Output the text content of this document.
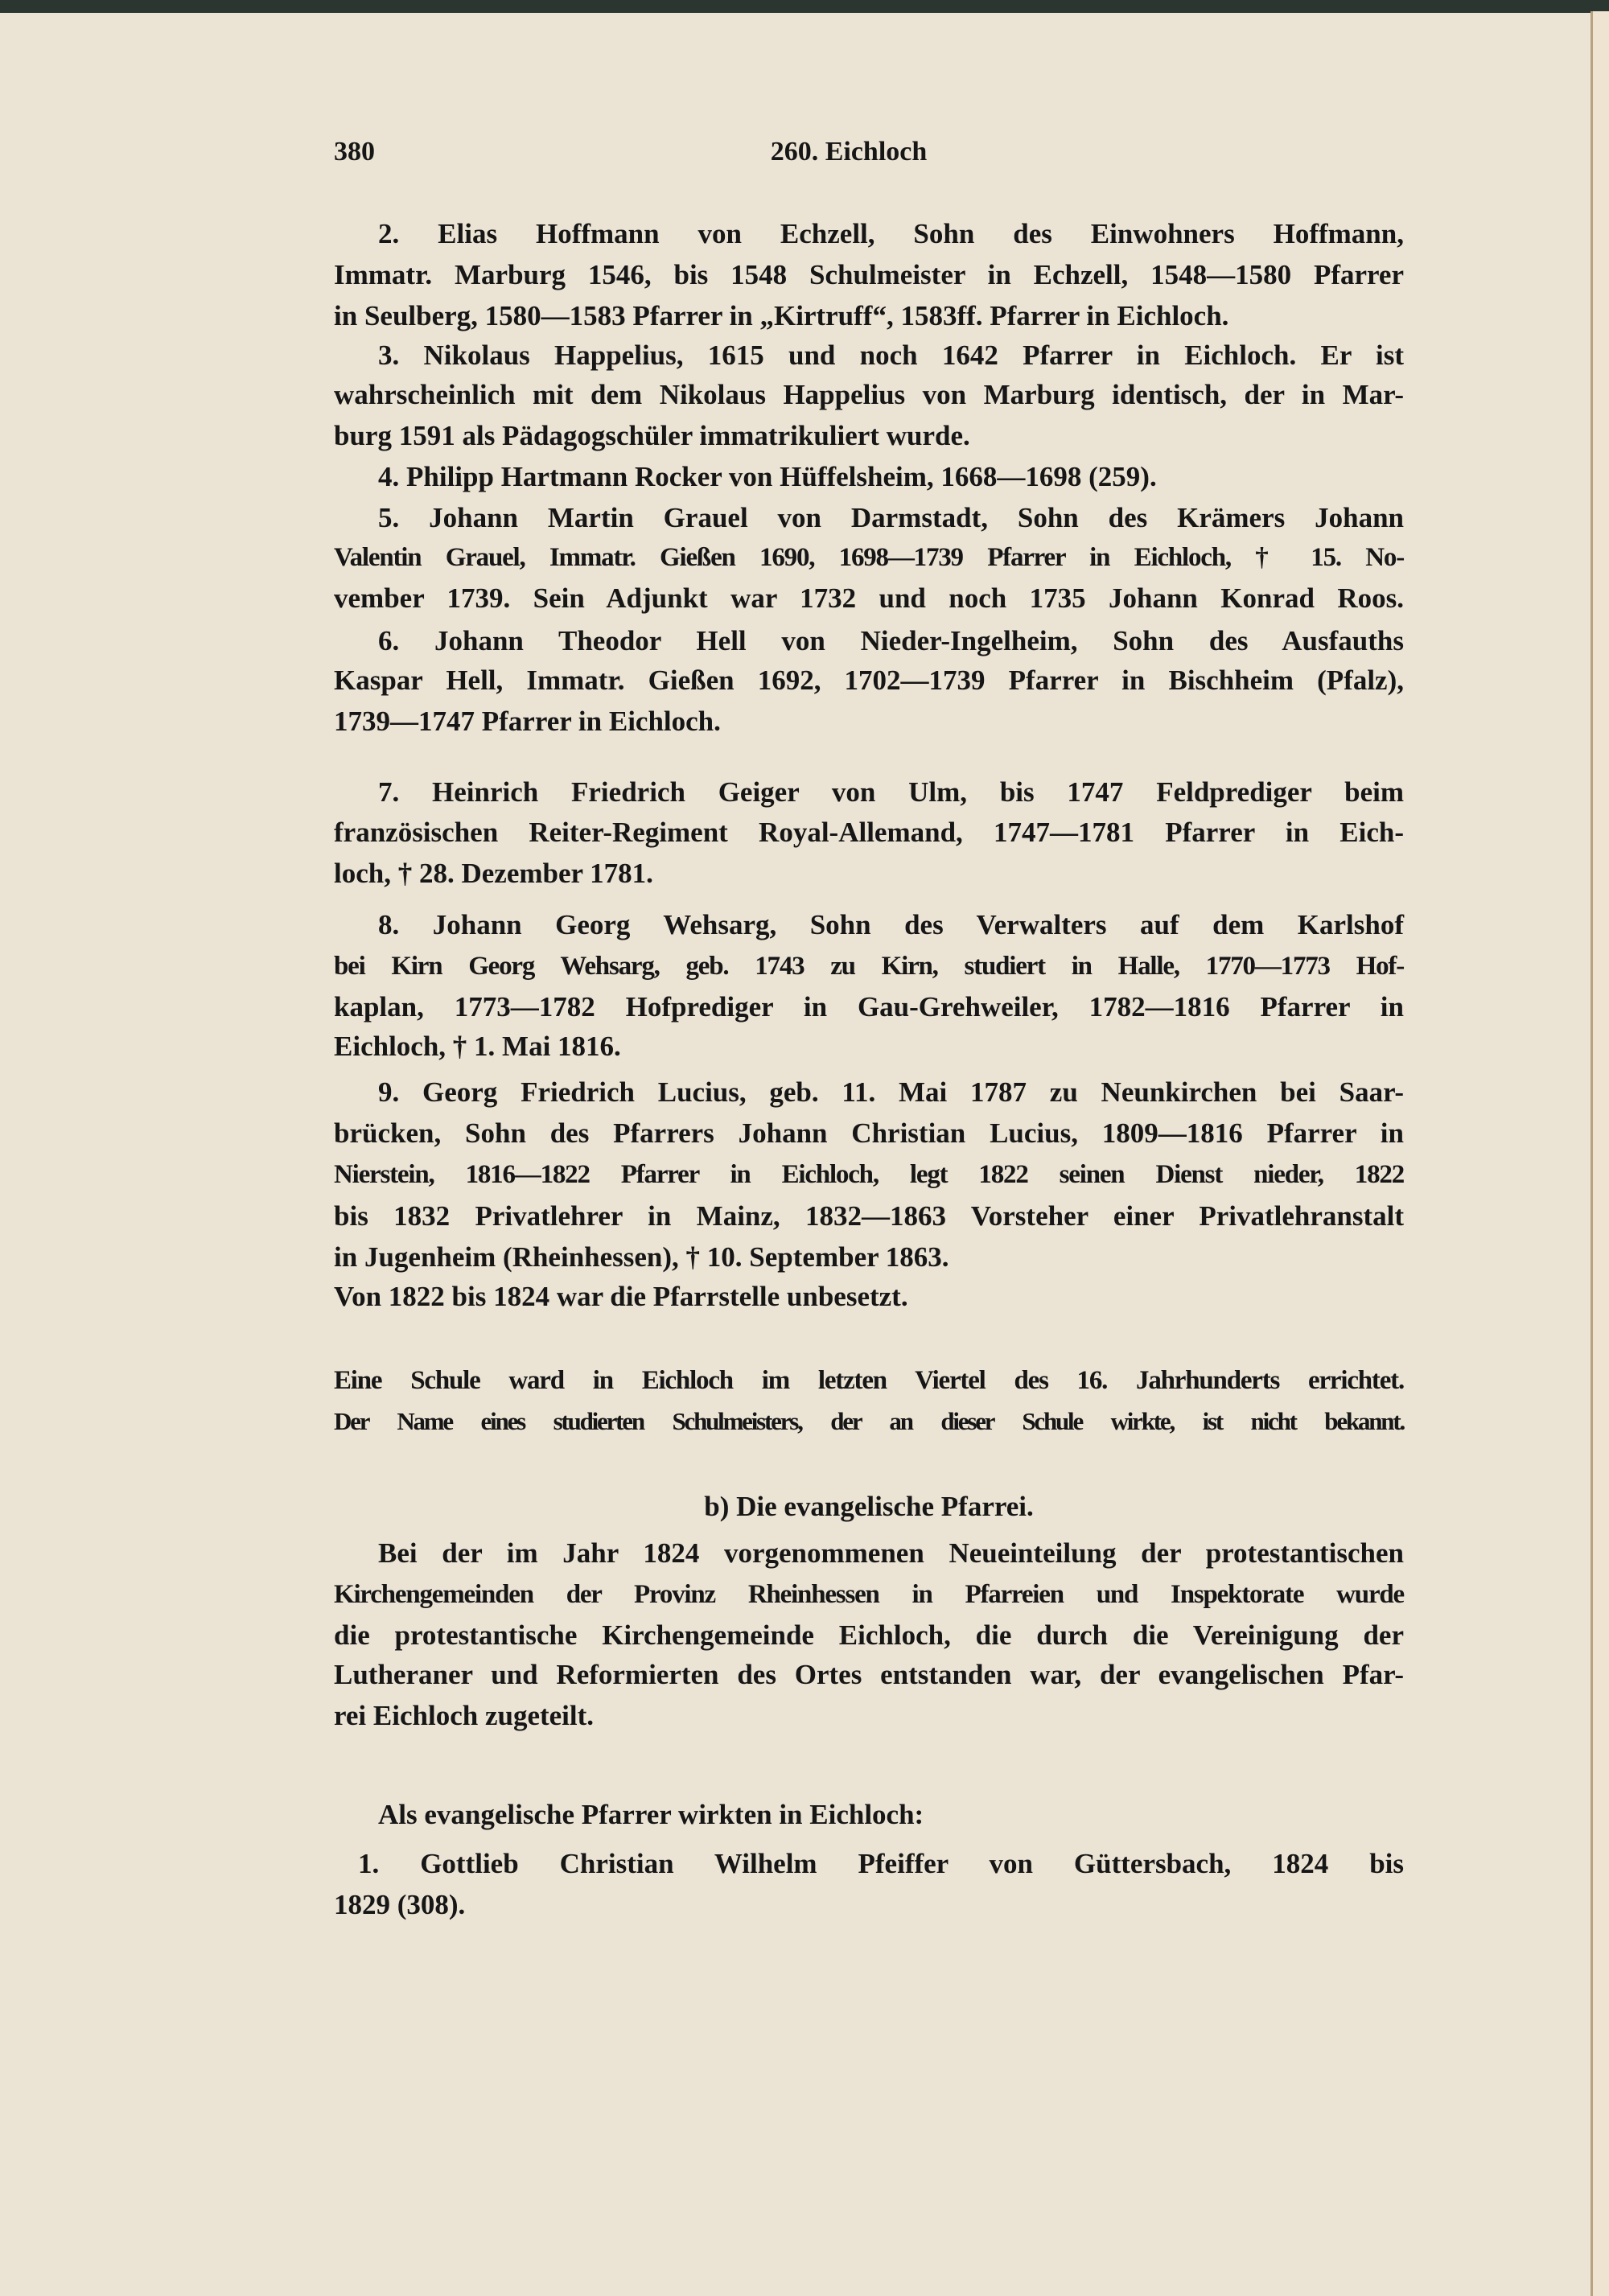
380	260. Eichloch
2. Elias Hoffmann von Echzell, Sohn des Einwohners Hoffmann,
Immatr. Marburg 1546, bis 1548 Schulmeister in Echzell, 1548—1580 Pfarrer
in Seulberg, 1580—1583 Pfarrer in „Kirtruff“, 1583ff. Pfarrer in Eichloch.
3. Nikolaus Happelius, 1615 und noch 1642 Pfarrer in Eichloch. Er ist
wahrscheinlich mit dem Nikolaus Happelius von Marburg identisch, der in Mar-
burg 1591 als Pädagogschüler immatrikuliert wurde.
4. Philipp Hartmann Rocker von Hüffelsheim, 1668—1698 (259).
5. Johann Martin Grauel von Darmstadt, Sohn des Krämers Johann
Valentin Grauel, Immatr. Gießen 1690, 1698—1739 Pfarrer in Eichloch, † 15. No-
vember 1739. Sein Adjunkt war 1732 und noch 1735 Johann Konrad Roos.
6. Johann Theodor Hell von Nieder-Ingelheim, Sohn des Ausfauths
Kaspar Hell, Immatr. Gießen 1692, 1702—1739 Pfarrer in Bischheim (Pfalz),
1739—1747 Pfarrer in Eichloch.
7. Heinrich Friedrich Geiger von Ulm, bis 1747 Feldprediger beim
französischen Reiter-Regiment Royal-Allemand, 1747—1781 Pfarrer in Eich-
loch, † 28. Dezember 1781.
8. Johann Georg Wehsarg, Sohn des Verwalters auf dem Karlshof
bei Kirn Georg Wehsarg, geb. 1743 zu Kirn, studiert in Halle, 1770—1773 Hof-
kaplan, 1773—1782 Hofprediger in Gau-Grehweiler, 1782—1816 Pfarrer in
Eichloch, † 1. Mai 1816.
9. Georg Friedrich Lucius, geb. 11. Mai 1787 zu Neunkirchen bei Saar-
brücken, Sohn des Pfarrers Johann Christian Lucius, 1809—1816 Pfarrer in
Nierstein, 1816—1822 Pfarrer in Eichloch, legt 1822 seinen Dienst nieder, 1822
bis 1832 Privatlehrer in Mainz, 1832—1863 Vorsteher einer Privatlehranstalt
in Jugenheim (Rheinhessen), † 10. September 1863.
Von 1822 bis 1824 war die Pfarrstelle unbesetzt.
Eine Schule ward in Eichloch im letzten Viertel des 16. Jahrhunderts errichtet.
Der Name eines studierten Schulmeisters, der an dieser Schule wirkte, ist nicht bekannt.
b) Die evangelische Pfarrei.
Bei der im Jahr 1824 vorgenommenen Neueinteilung der protestantischen
Kirchengemeinden der Provinz Rheinhessen in Pfarreien und Inspektorate wurde
die protestantische Kirchengemeinde Eichloch, die durch die Vereinigung der
Lutheraner und Reformierten des Ortes entstanden war, der evangelischen Pfar-
rei Eichloch zugeteilt.
Als evangelische Pfarrer wirkten in Eichloch:
1. Gottlieb Christian Wilhelm Pfeiffer von Güttersbach, 1824 bis
1829 (308).
